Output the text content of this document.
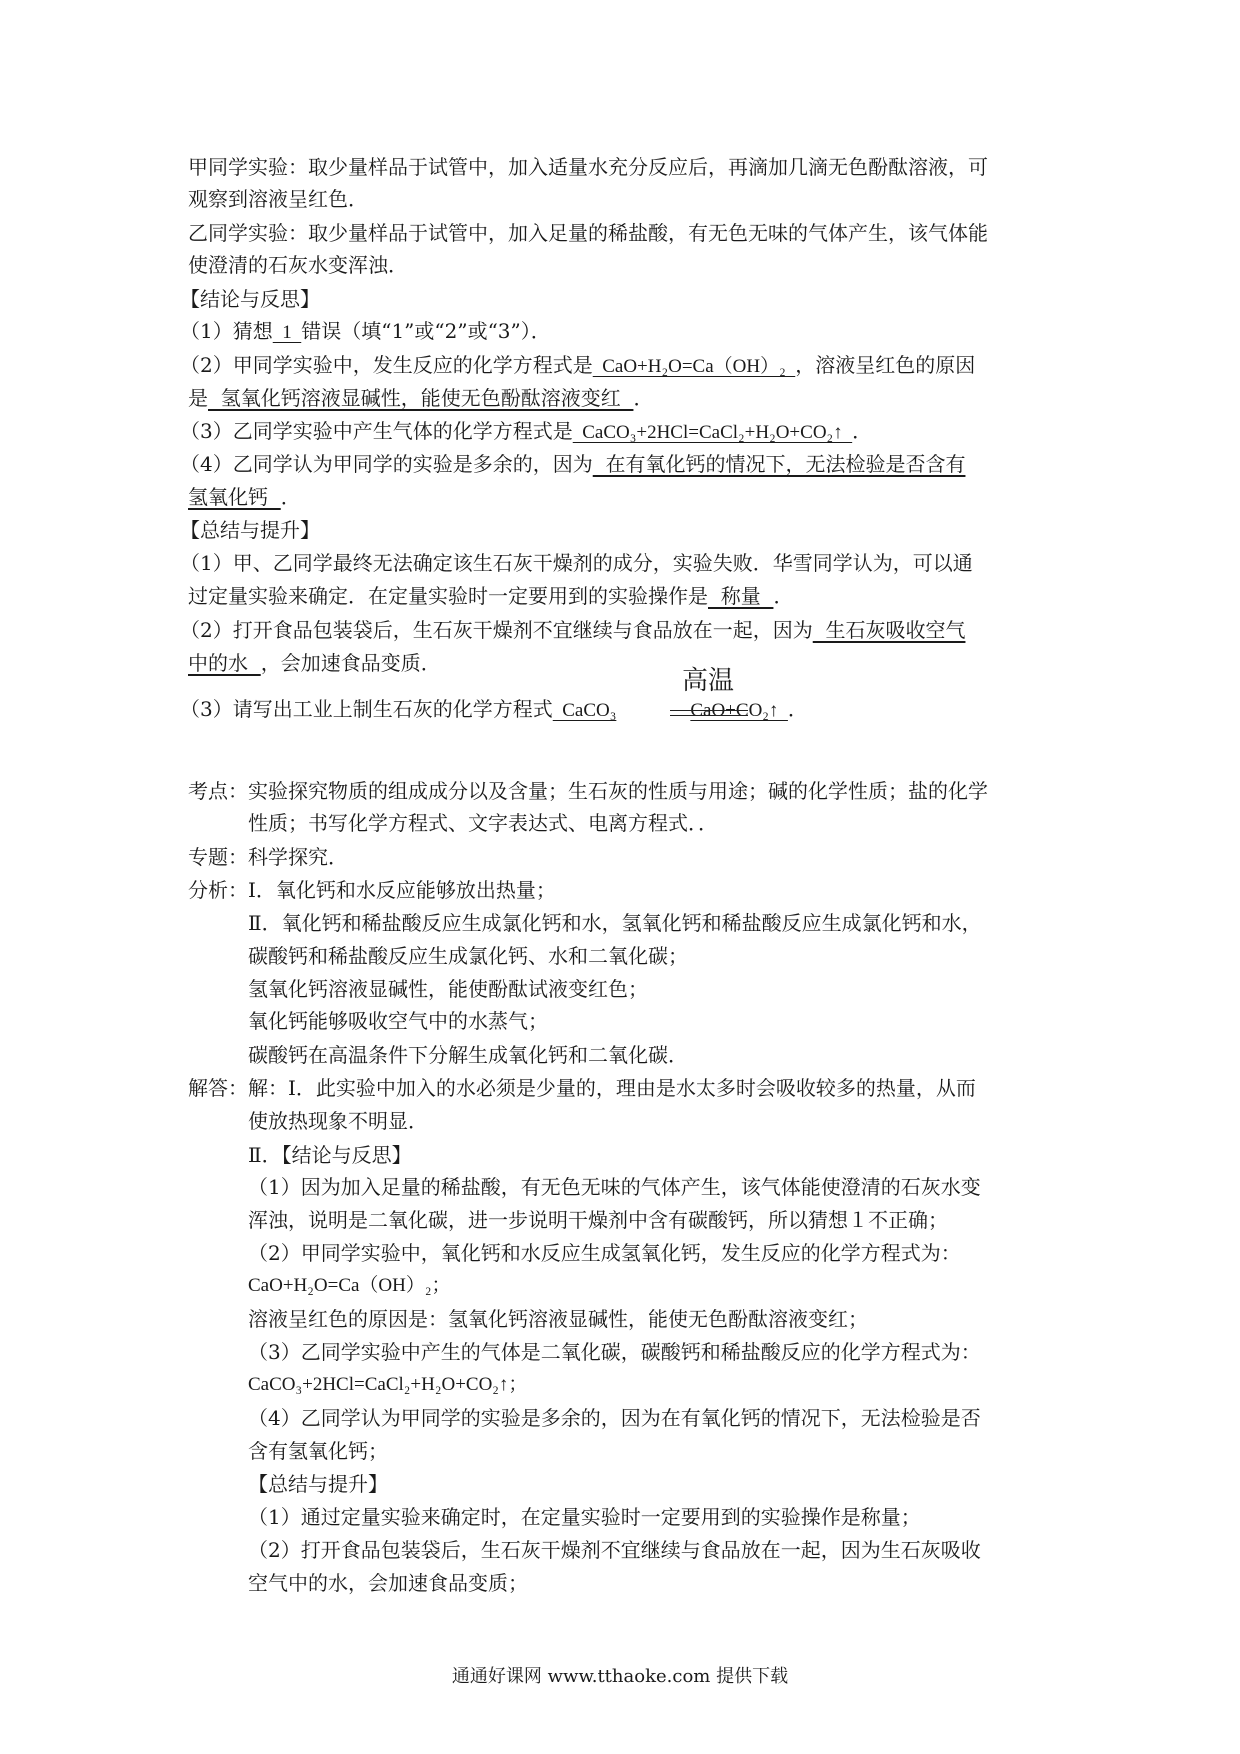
甲同学实验：取少量样品于试管中，加入适量水充分反应后，再滴加几滴无色酚酞溶液，可
观察到溶液呈红色．
乙同学实验：取少量样品于试管中，加入足量的稀盐酸，有无色无味的气体产生，该气体能
使澄清的石灰水变浑浊．
【结论与反思】
（1）猜想  1  错误（填“1”或“2”或“3”）．
（2）甲同学实验中，发生反应的化学方程式是  CaO+H₂O=Ca（OH）₂  ，溶液呈红色的原因
是  氢氧化钙溶液显碱性，能使无色酚酞溶液变红  ．
（3）乙同学实验中产生气体的化学方程式是  CaCO₃+2HCl=CaCl₂+H₂O+CO₂↑  ．
（4）乙同学认为甲同学的实验是多余的，因为  在有氧化钙的情况下，无法检验是否含有
氢氧化钙  ．
【总结与提升】
（1）甲、乙同学最终无法确定该生石灰干燥剂的成分，实验失败．华雪同学认为，可以通
过定量实验来确定．在定量实验时一定要用到的实验操作是  称量  ．
（2）打开食品包装袋后，生石灰干燥剂不宜继续与食品放在一起，因为  生石灰吸收空气
中的水  ，会加速食品变质．
（3）请写出工业上制生石灰的化学方程式  CaCO₃	CaO+CO₂↑  ．
高温
考点：实验探究物质的组成成分以及含量；生石灰的性质与用途；碱的化学性质；盐的化学
性质；书写化学方程式、文字表达式、电离方程式．．
专题：科学探究．
分析：Ⅰ．氧化钙和水反应能够放出热量；
Ⅱ．氧化钙和稀盐酸反应生成氯化钙和水，氢氧化钙和稀盐酸反应生成氯化钙和水，
碳酸钙和稀盐酸反应生成氯化钙、水和二氧化碳；
氢氧化钙溶液显碱性，能使酚酞试液变红色；
氧化钙能够吸收空气中的水蒸气；
碳酸钙在高温条件下分解生成氧化钙和二氧化碳．
解答：解：Ⅰ．此实验中加入的水必须是少量的，理由是水太多时会吸收较多的热量，从而
使放热现象不明显．
Ⅱ．【结论与反思】
（1）因为加入足量的稀盐酸，有无色无味的气体产生，该气体能使澄清的石灰水变
浑浊，说明是二氧化碳，进一步说明干燥剂中含有碳酸钙，所以猜想１不正确；
（2）甲同学实验中，氧化钙和水反应生成氢氧化钙，发生反应的化学方程式为：
CaO+H₂O=Ca（OH）₂；
溶液呈红色的原因是：氢氧化钙溶液显碱性，能使无色酚酞溶液变红；
（3）乙同学实验中产生的气体是二氧化碳，碳酸钙和稀盐酸反应的化学方程式为：
CaCO₃+2HCl=CaCl₂+H₂O+CO₂↑；
（4）乙同学认为甲同学的实验是多余的，因为在有氧化钙的情况下，无法检验是否
含有氢氧化钙；
【总结与提升】
（1）通过定量实验来确定时，在定量实验时一定要用到的实验操作是称量；
（2）打开食品包装袋后，生石灰干燥剂不宜继续与食品放在一起，因为生石灰吸收
空气中的水，会加速食品变质；
通通好课网 www.tthaoke.com 提供下载
